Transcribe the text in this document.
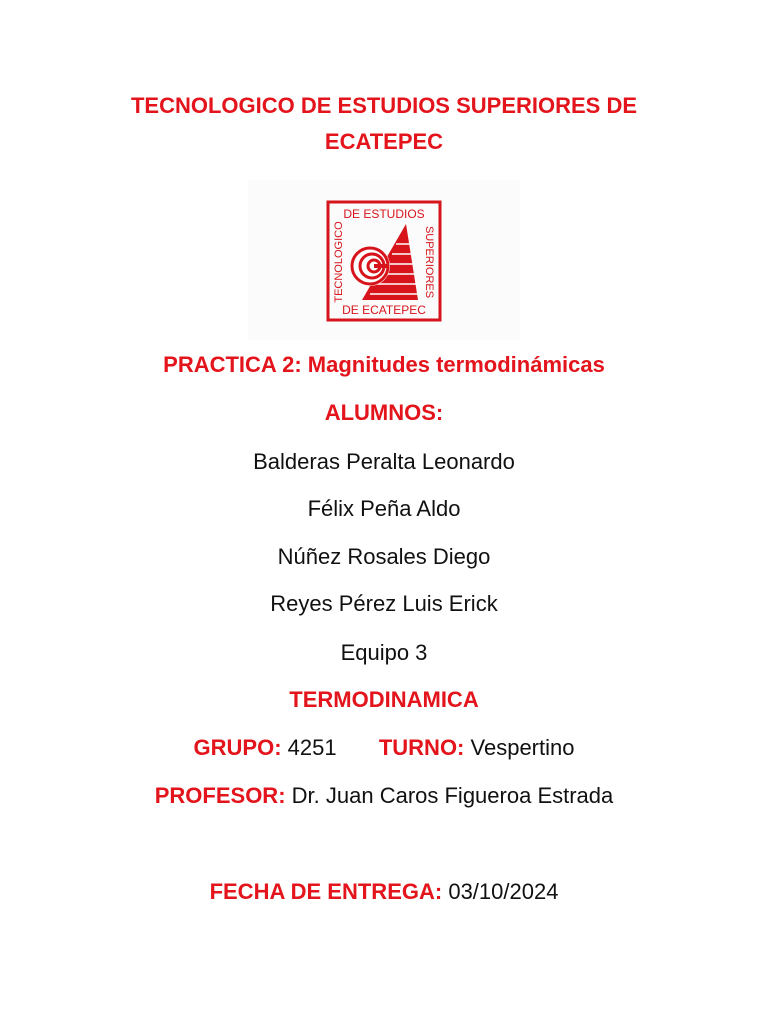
TECNOLOGICO DE ESTUDIOS SUPERIORES DE
ECATEPEC
DE ESTUDIOS
DE ECATEPEC
TECNOLOGICO	SUPERIORES
PRACTICA 2: Magnitudes termodinámicas
ALUMNOS:
Balderas Peralta Leonardo
Félix Peña Aldo
Núñez Rosales Diego
Reyes Pérez Luis Erick
Equipo 3
TERMODINAMICA
GRUPO: 4251 TURNO: Vespertino
PROFESOR: Dr. Juan Caros Figueroa Estrada
FECHA DE ENTREGA: 03/10/2024
